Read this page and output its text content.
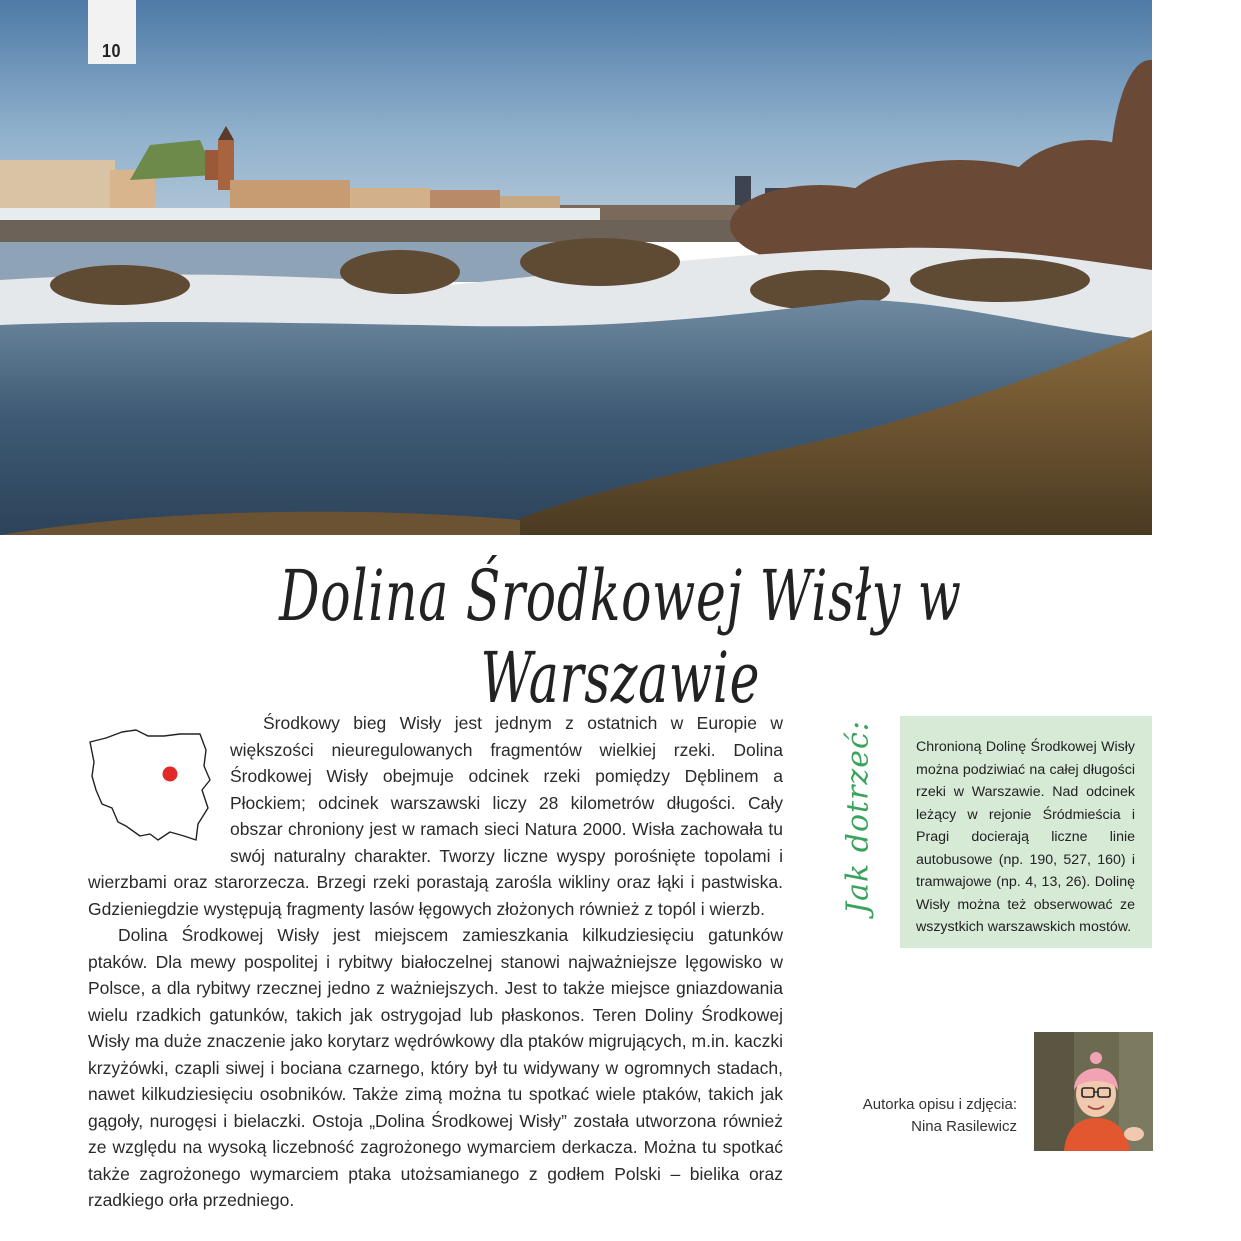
10
Dolina Środkowej Wisły w Warszawie

Środkowy bieg Wisły jest jednym z ostatnich w Europie w większości nieuregulowanych fragmentów wielkiej rzeki. Dolina Środkowej Wisły obejmuje odcinek rzeki pomiędzy Dęblinem a Płockiem; odcinek warszawski liczy 28 kilometrów długości. Cały obszar chroniony jest w ramach sieci Natura 2000. Wisła zachowała tu swój naturalny charakter. Tworzy liczne wyspy porośnięte topolami i wierzbami oraz starorzecza. Brzegi rzeki porastają zarośla wikliny oraz łąki i pastwiska. Gdzieniegdzie występują fragmenty lasów łęgowych złożonych również z topól i wierzb.

Dolina Środkowej Wisły jest miejscem zamieszkania kilkudziesięciu gatunków ptaków. Dla mewy pospolitej i rybitwy białoczelnej stanowi najważniejsze lęgowisko w Polsce, a dla rybitwy rzecznej jedno z ważniejszych. Jest to także miejsce gniazdowania wielu rzadkich gatunków, takich jak ostrygojad lub płaskonos. Teren Doliny Środkowej Wisły ma duże znaczenie jako korytarz wędrówkowy dla ptaków migrujących, m.in. kaczki krzyżówki, czapli siwej i bociana czarnego, który był tu widywany w ogromnych stadach, nawet kilkudziesięciu osobników. Także zimą można tu spotkać wiele ptaków, takich jak gągoły, nurogęsi i bielaczki. Ostoja „Dolina Środkowej Wisły” została utworzona również ze względu na wysoką liczebność zagrożonego wymarciem derkacza. Można tu spotkać także zagrożonego wymarciem ptaka utożsamianego z godłem Polski – bielika oraz rzadkiego orła przedniego.

Jak dotrzeć:	Chronioną Dolinę Środkowej Wisły można podziwiać na całej długości rzeki w Warszawie. Nad odcinek leżący w rejonie Śródmieścia i Pragi docierają liczne linie autobusowe (np. 190, 527, 160) i tramwajowe (np. 4, 13, 26). Dolinę Wisły można też obserwować ze wszystkich warszawskich mostów.

Autorka opisu i zdjęcia:
Nina Rasilewicz
